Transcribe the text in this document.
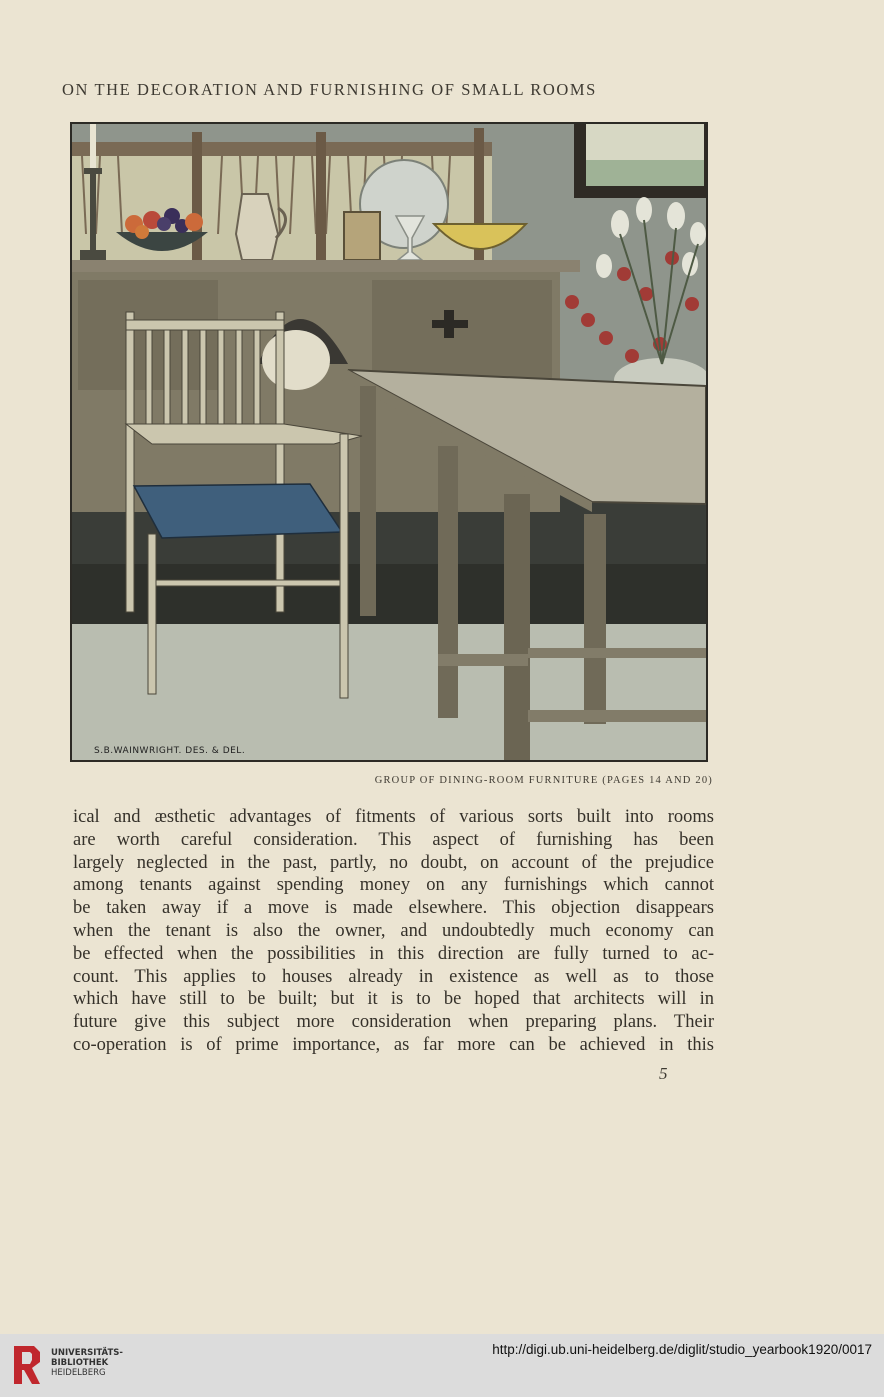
ON THE DECORATION AND FURNISHING OF SMALL ROOMS
S.B.WAINWRIGHT. DES. & DEL.
GROUP OF DINING-ROOM FURNITURE (PAGES 14 AND 20)
ical and æsthetic advantages of fitments of various sorts built into rooms
are worth careful consideration. This aspect of furnishing has been
largely neglected in the past, partly, no doubt, on account of the prejudice
among tenants against spending money on any furnishings which cannot
be taken away if a move is made elsewhere. This objection disappears
when the tenant is also the owner, and undoubtedly much economy can
be effected when the possibilities in this direction are fully turned to ac-
count. This applies to houses already in existence as well as to those
which have still to be built; but it is to be hoped that architects will in
future give this subject more consideration when preparing plans. Their
co-operation is of prime importance, as far more can be achieved in this
5
UNIVERSITÄTS-
BIBLIOTHEK
HEIDELBERG
http://digi.ub.uni-heidelberg.de/diglit/studio_yearbook1920/0017
